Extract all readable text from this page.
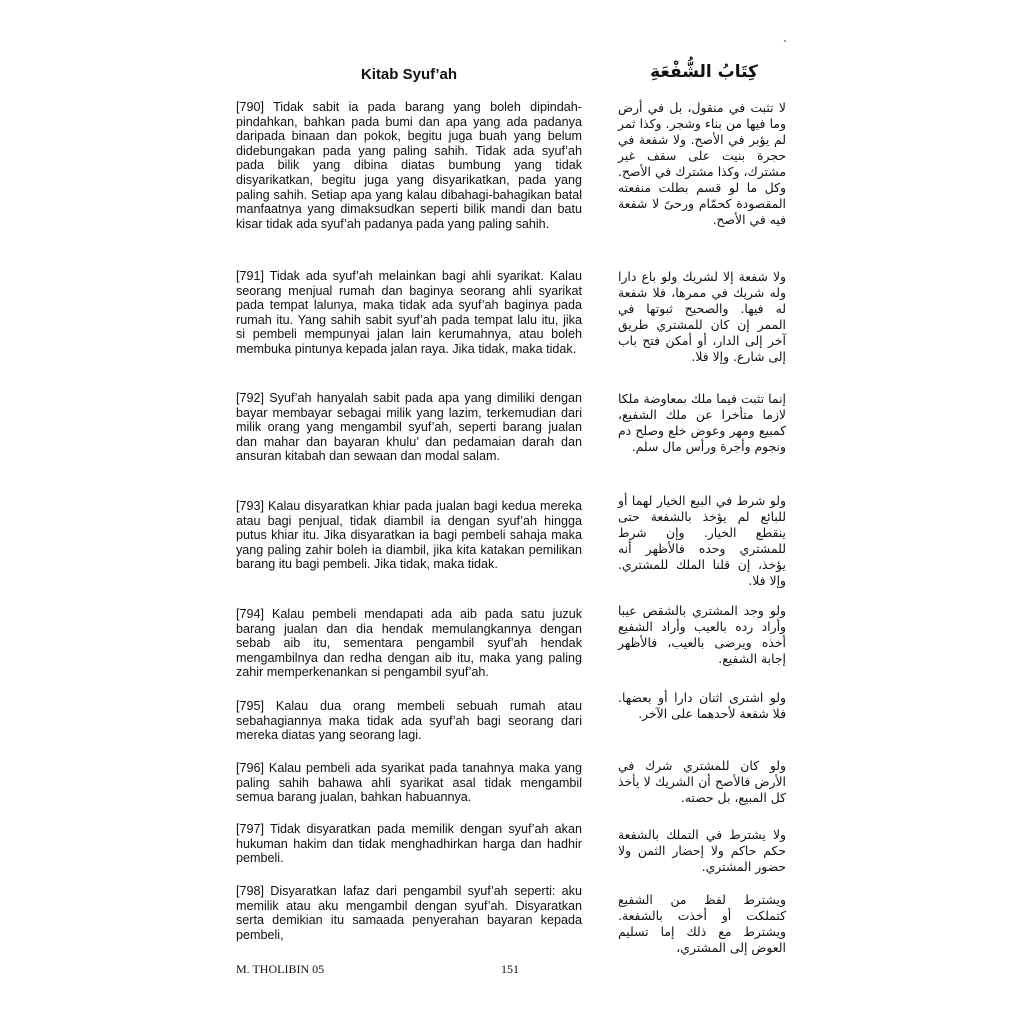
`
Kitab Syuf’ah	كِتَابُ الشُّفْعَةِ

[790] Tidak sabit ia pada barang yang boleh dipindah-pindahkan, bahkan pada bumi dan apa yang ada padanya daripada binaan dan pokok, begitu juga buah yang belum didebungakan pada yang paling sahih. Tidak ada syuf’ah pada bilik yang dibina diatas bumbung yang tidak disyarikatkan, begitu juga yang disyarikatkan, pada yang paling sahih. Setiap apa yang kalau dibahagi-bahagikan batal manfaatnya yang dimaksudkan seperti bilik mandi dan batu kisar tidak ada syuf’ah padanya pada yang paling sahih.

[791] Tidak ada syuf’ah melainkan bagi ahli syarikat. Kalau seorang menjual rumah dan baginya seorang ahli syarikat pada tempat lalunya, maka tidak ada syuf’ah baginya pada rumah itu. Yang sahih sabit syuf’ah pada tempat lalu itu, jika si pembeli mempunyai jalan lain kerumahnya, atau boleh membuka pintunya kepada jalan raya. Jika tidak, maka tidak.

[792] Syuf’ah hanyalah sabit pada apa yang dimiliki dengan bayar membayar sebagai milik yang lazim, terkemudian dari milik orang yang mengambil syuf’ah, seperti barang jualan dan mahar dan bayaran khulu’ dan pedamaian darah dan ansuran kitabah dan sewaan dan modal salam.

[793] Kalau disyaratkan khiar pada jualan bagi kedua mereka atau bagi penjual, tidak diambil ia dengan syuf’ah hingga putus khiar itu. Jika disyaratkan ia bagi pembeli sahaja maka yang paling zahir boleh ia diambil, jika kita katakan pemilikan barang itu bagi pembeli. Jika tidak, maka tidak.

[794] Kalau pembeli mendapati ada aib pada satu juzuk barang jualan dan dia hendak memulangkannya dengan sebab aib itu, sementara pengambil syuf’ah hendak mengambilnya dan redha dengan aib itu, maka yang paling zahir memperkenankan si pengambil syuf’ah.

[795] Kalau dua orang membeli sebuah rumah atau sebahagiannya maka tidak ada syuf’ah bagi seorang dari mereka diatas yang seorang lagi.

[796] Kalau pembeli ada syarikat pada tanahnya maka yang paling sahih bahawa ahli syarikat asal tidak mengambil semua barang jualan, bahkan habuannya.

[797] Tidak disyaratkan pada memilik dengan syuf’ah akan hukuman hakim dan tidak menghadhirkan harga dan hadhir pembeli.

[798] Disyaratkan lafaz dari pengambil syuf’ah seperti: aku memilik atau aku mengambil dengan syuf’ah. Disyaratkan serta demikian itu samaada penyerahan bayaran kepada pembeli,

لا تثبت في منقول، بل في أرض وما فيها من بناء وشجر. وكذا ثمر لم يؤبر في الأصح. ولا شفعة في حجرة بنيت على سقف غير مشترك، وكذا مشترك في الأصح. وكل ما لو قسم بطلت منفعته المقصودة كحمّام ورحىً لا شفعة فيه في الأصح.

ولا شفعة إلا لشريك ولو باع دارا وله شريك في ممرها، فلا شفعة له فيها. والصحيح ثبوتها في الممر إن كان للمشتري طريق آخر إلى الدار، أو أمكن فتح باب إلى شارع. وإلا فلا.

إنما تثبت فيما ملك بمعاوضة ملكا لازما متأخرا عن ملك الشفيع، كمبيع ومهر وعوض خلع وصلح دم ونجوم وأجرة ورأس مال سلم.

ولو شرط في البيع الخيار لهما أو للبائع لم يؤخذ بالشفعة حتى ينقطع الخيار. وإن شرط للمشتري وحده فالأظهر أنه يؤخذ، إن قلنا الملك للمشتري. وإلا فلا.

ولو وجد المشتري بالشقص عيبا وأراد رده بالعيب وأراد الشفيع أخذه ويرضى بالعيب، فالأظهر إجابة الشفيع.

ولو اشترى اثنان دارا أو بعضها. فلا شفعة لأحدهما على الآخر.

ولو كان للمشتري شرك في الأرض فالأصح أن الشريك لا يأخذ كل المبيع، بل حصته.

ولا يشترط في التملك بالشفعة حكم حاكم ولا إحضار الثمن ولا حضور المشتري.

ويشترط لفظ من الشفيع كتملكت أو أخذت بالشفعة. ويشترط مع ذلك إما تسليم العوض إلى المشتري،

M. THOLIBIN 05	151
